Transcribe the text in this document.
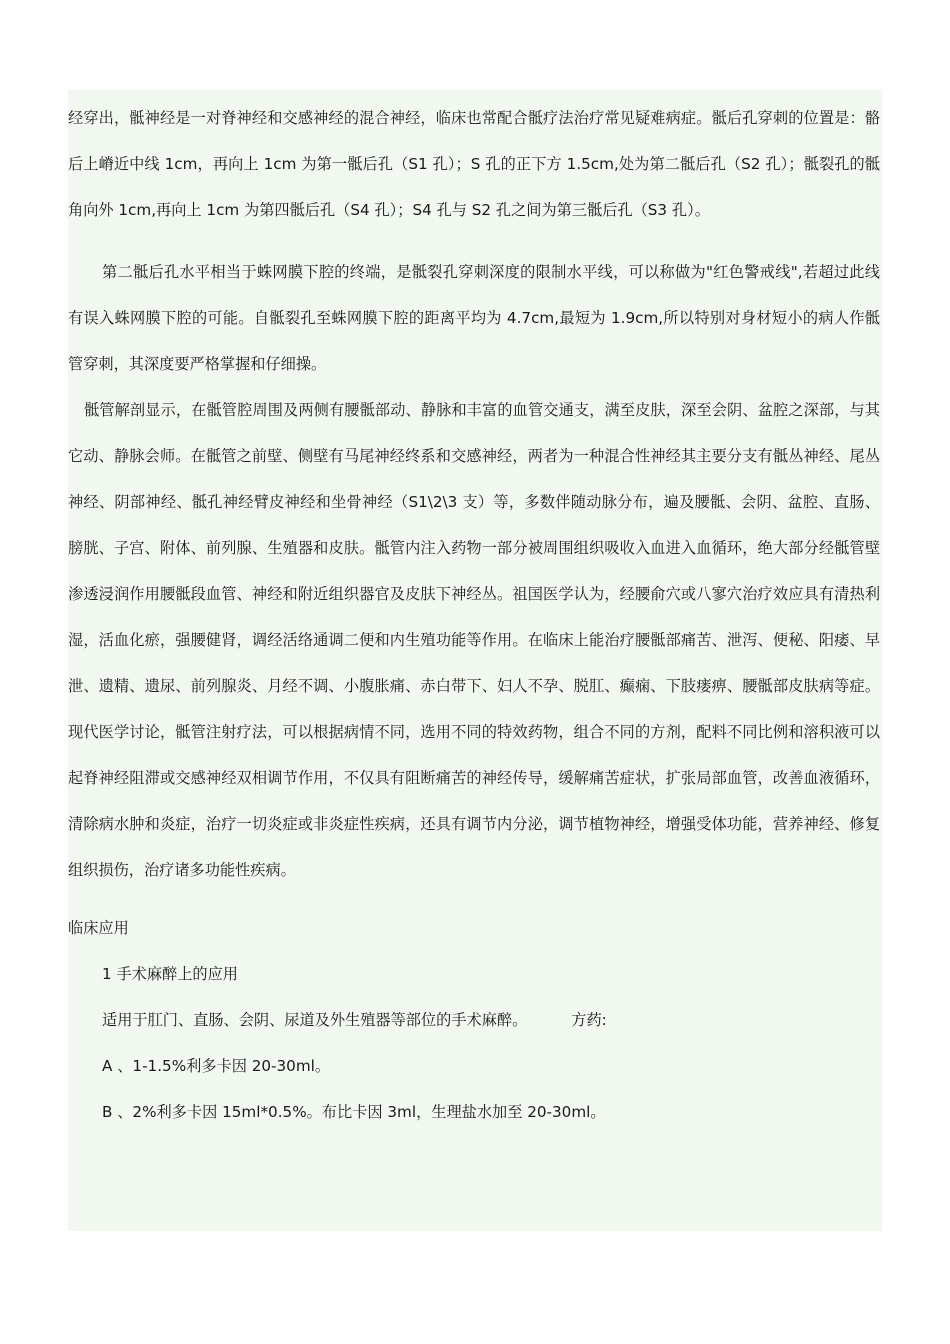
经穿出，骶神经是一对脊神经和交感神经的混合神经，临床也常配合骶疗法治疗常见疑难病症。骶后孔穿刺的位置是：骼后上嵴近中线 1cm，再向上 1cm 为第一骶后孔（S1 孔）；S 孔的正下方 1.5cm,处为第二骶后孔（S2 孔）；骶裂孔的骶角向外 1cm,再向上 1cm 为第四骶后孔（S4 孔）；S4 孔与 S2 孔之间为第三骶后孔（S3 孔）。

第二骶后孔水平相当于蛛网膜下腔的终端，是骶裂孔穿刺深度的限制水平线，可以称做为"红色警戒线",若超过此线有误入蛛网膜下腔的可能。自骶裂孔至蛛网膜下腔的距离平均为 4.7cm,最短为 1.9cm,所以特别对身材短小的病人作骶管穿刺，其深度要严格掌握和仔细操。

骶管解剖显示，在骶管腔周围及两侧有腰骶部动、静脉和丰富的血管交通支，满至皮肤，深至会阴、盆腔之深部，与其它动、静脉会师。在骶管之前壁、侧壁有马尾神经终系和交感神经，两者为一种混合性神经其主要分支有骶丛神经、尾丛神经、阴部神经、骶孔神经臂皮神经和坐骨神经（S1\2\3 支）等，多数伴随动脉分布，遍及腰骶、会阴、盆腔、直肠、膀胱、子宫、附体、前列腺、生殖器和皮肤。骶管内注入药物一部分被周围组织吸收入血进入血循环，绝大部分经骶管壁渗透浸润作用腰骶段血管、神经和附近组织器官及皮肤下神经丛。祖国医学认为，经腰俞穴或八寥穴治疗效应具有清热利湿，活血化瘀，强腰健肾，调经活络通调二便和内生殖功能等作用。在临床上能治疗腰骶部痛苦、泄泻、便秘、阳痿、早泄、遗精、遗尿、前列腺炎、月经不调、小腹胀痛、赤白带下、妇人不孕、脱肛、癫痫、下肢瘘痹、腰骶部皮肤病等症。现代医学讨论，骶管注射疗法，可以根据病情不同，选用不同的特效药物，组合不同的方剂，配料不同比例和溶积液可以起脊神经阻滞或交感神经双相调节作用，不仅具有阻断痛苦的神经传导，缓解痛苦症状，扩张局部血管，改善血液循环，清除病水肿和炎症，治疗一切炎症或非炎症性疾病，还具有调节内分泌，调节植物神经，增强受体功能，营养神经、修复组织损伤，治疗诸多功能性疾病。

临床应用

1 手术麻醉上的应用

适用于肛门、直肠、会阴、尿道及外生殖器等部位的手术麻醉。	方药:

A 、1-1.5%利多卡因 20-30ml。

B 、2%利多卡因 15ml*0.5%。布比卡因 3ml，生理盐水加至 20-30ml。
